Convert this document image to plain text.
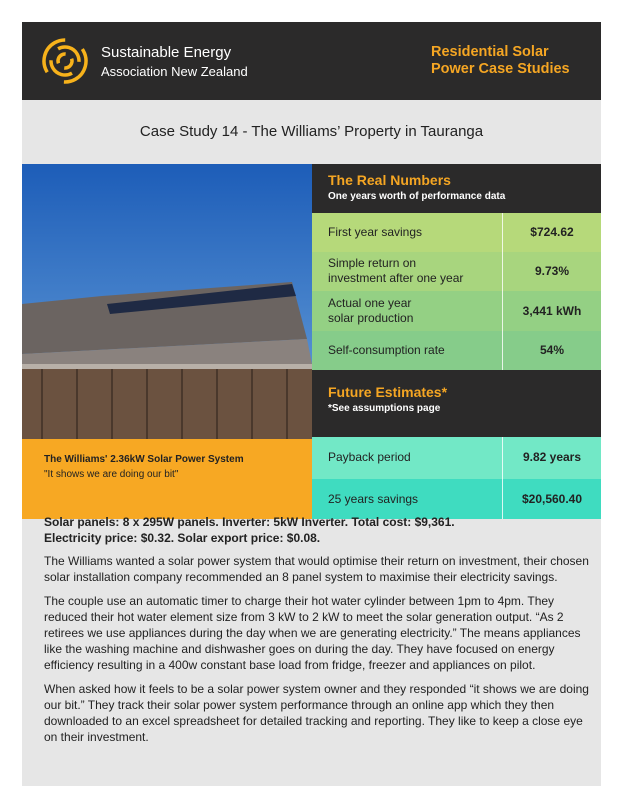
Sustainable Energy
Association New Zealand
Residential Solar
Power Case Studies
Case Study 14 - The Williams’ Property in Tauranga
The Williams' 2.36kW Solar Power System
"It shows we are doing our bit"
The Real Numbers
One years worth of performance data
First year savings	$724.62
Simple return on
investment after one year	9.73%
Actual one year
solar production	3,441 kWh
Self-consumption rate	54%
Future Estimates*
*See assumptions page
Payback period	9.82 years
25 years savings	$20,560.40
Solar panels: 8 x 295W panels. Inverter: 5kW Inverter. Total cost: $9,361.
Electricity price: $0.32. Solar export price: $0.08.

The Williams wanted a solar power system that would optimise their return on investment, their chosen solar installation company recommended an 8 panel system to maximise their electricity savings.

The couple use an automatic timer to charge their hot water cylinder between 1pm to 4pm. They reduced their hot water element size from 3 kW to 2 kW to meet the solar generation output. “As 2 retirees we use appliances during the day when we are generating electricity.” The means appliances like the washing machine and dishwasher goes on during the day. They have focused on energy efficiency resulting in a 400w constant base load from fridge, freezer and appliances on pilot.

When asked how it feels to be a solar power system owner and they responded “it shows we are doing our bit.” They track their solar power system performance through an online app which they then downloaded to an excel spreadsheet for detailed tracking and reporting. They like to keep a close eye on their investment.
